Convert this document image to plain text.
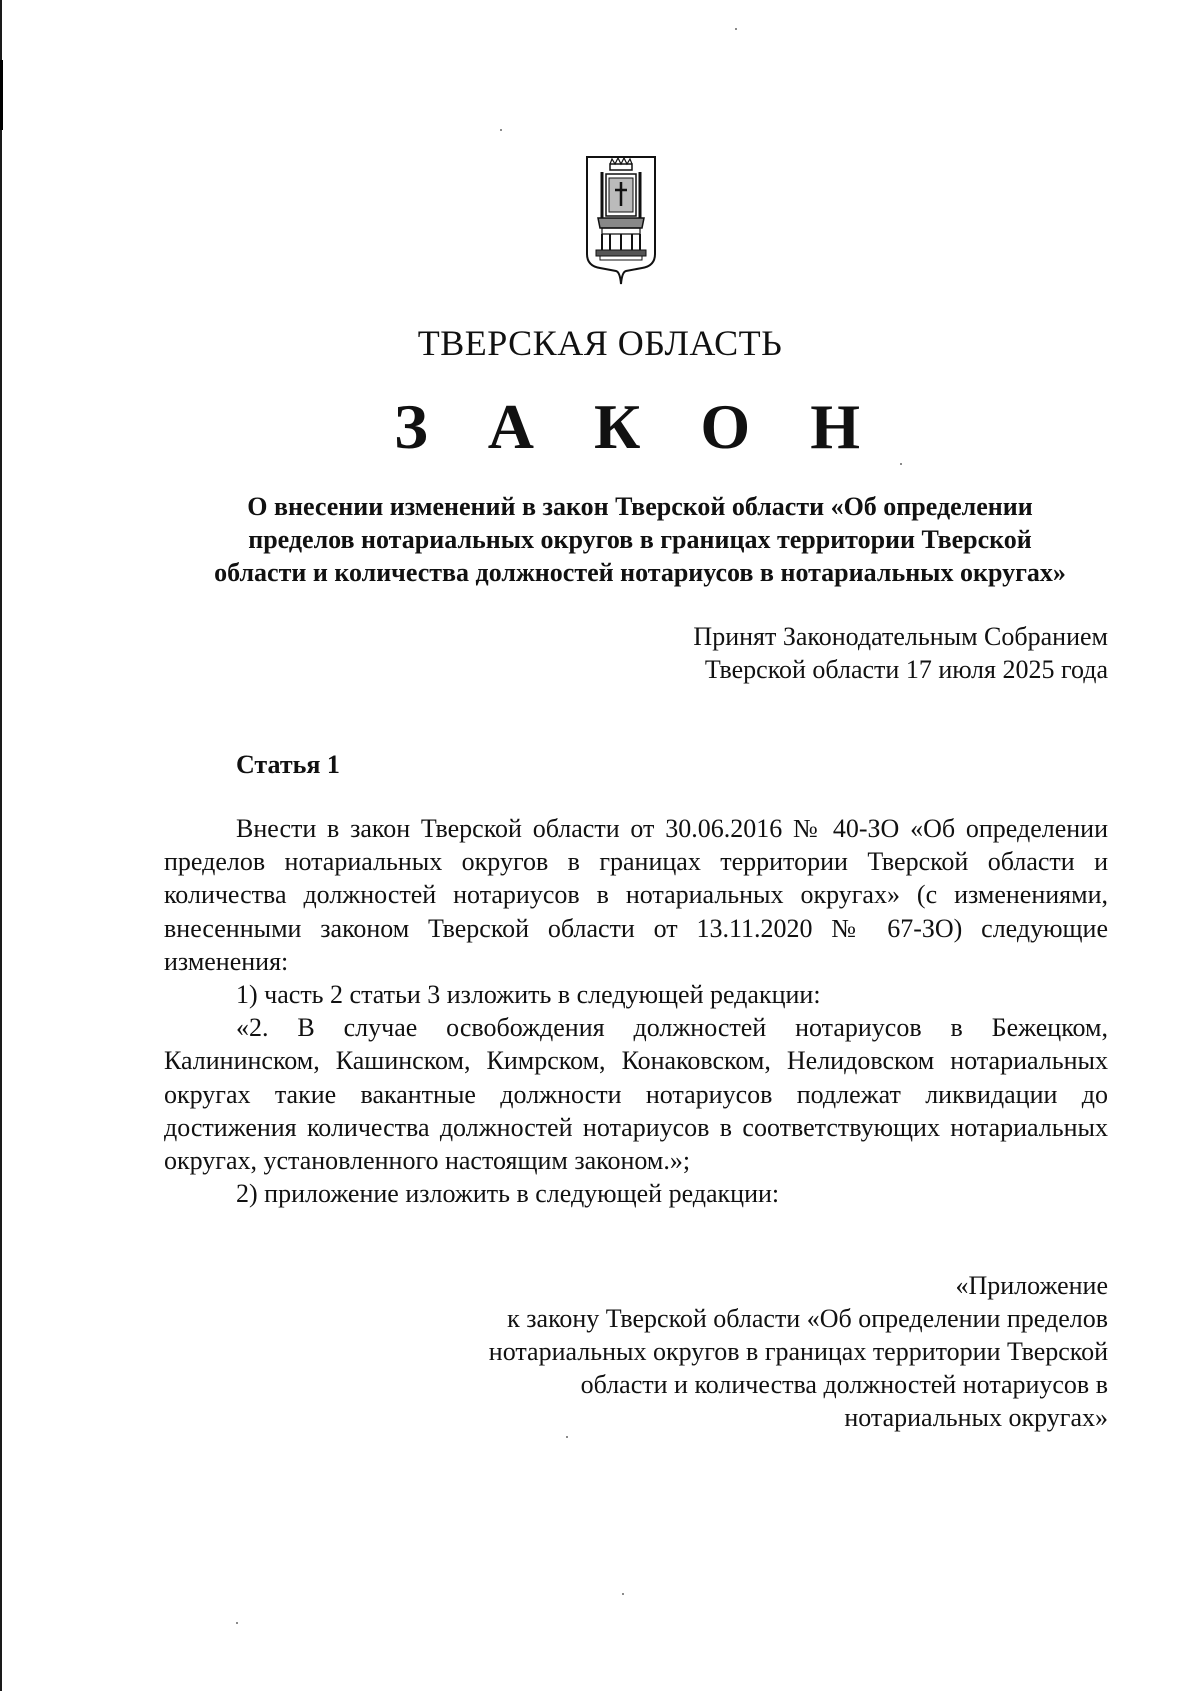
ТВЕРСКАЯ ОБЛАСТЬ
З А К О Н
О внесении изменений в закон Тверской области «Об определении
пределов нотариальных округов в границах территории Тверской
области и количества должностей нотариусов в нотариальных округах»
Принят Законодательным Собранием
Тверской области 17 июля 2025 года
Статья 1

Внести в закон Тверской области от 30.06.2016 № 40-ЗО «Об определении пределов нотариальных округов в границах территории Тверской области и количества должностей нотариусов в нотариальных округах» (с изменениями, внесенными законом Тверской области от 13.11.2020 № 67-ЗО) следующие изменения:

1) часть 2 статьи 3 изложить в следующей редакции:

«2. В случае освобождения должностей нотариусов в Бежецком, Калининском, Кашинском, Кимрском, Конаковском, Нелидовском нотариальных округах такие вакантные должности нотариусов подлежат ликвидации до достижения количества должностей нотариусов в соответствующих нотариальных округах, установленного настоящим законом.»;

2) приложение изложить в следующей редакции:

«Приложение
к закону Тверской области «Об определении пределов
нотариальных округов в границах территории Тверской
области и количества должностей нотариусов в
нотариальных округах»
